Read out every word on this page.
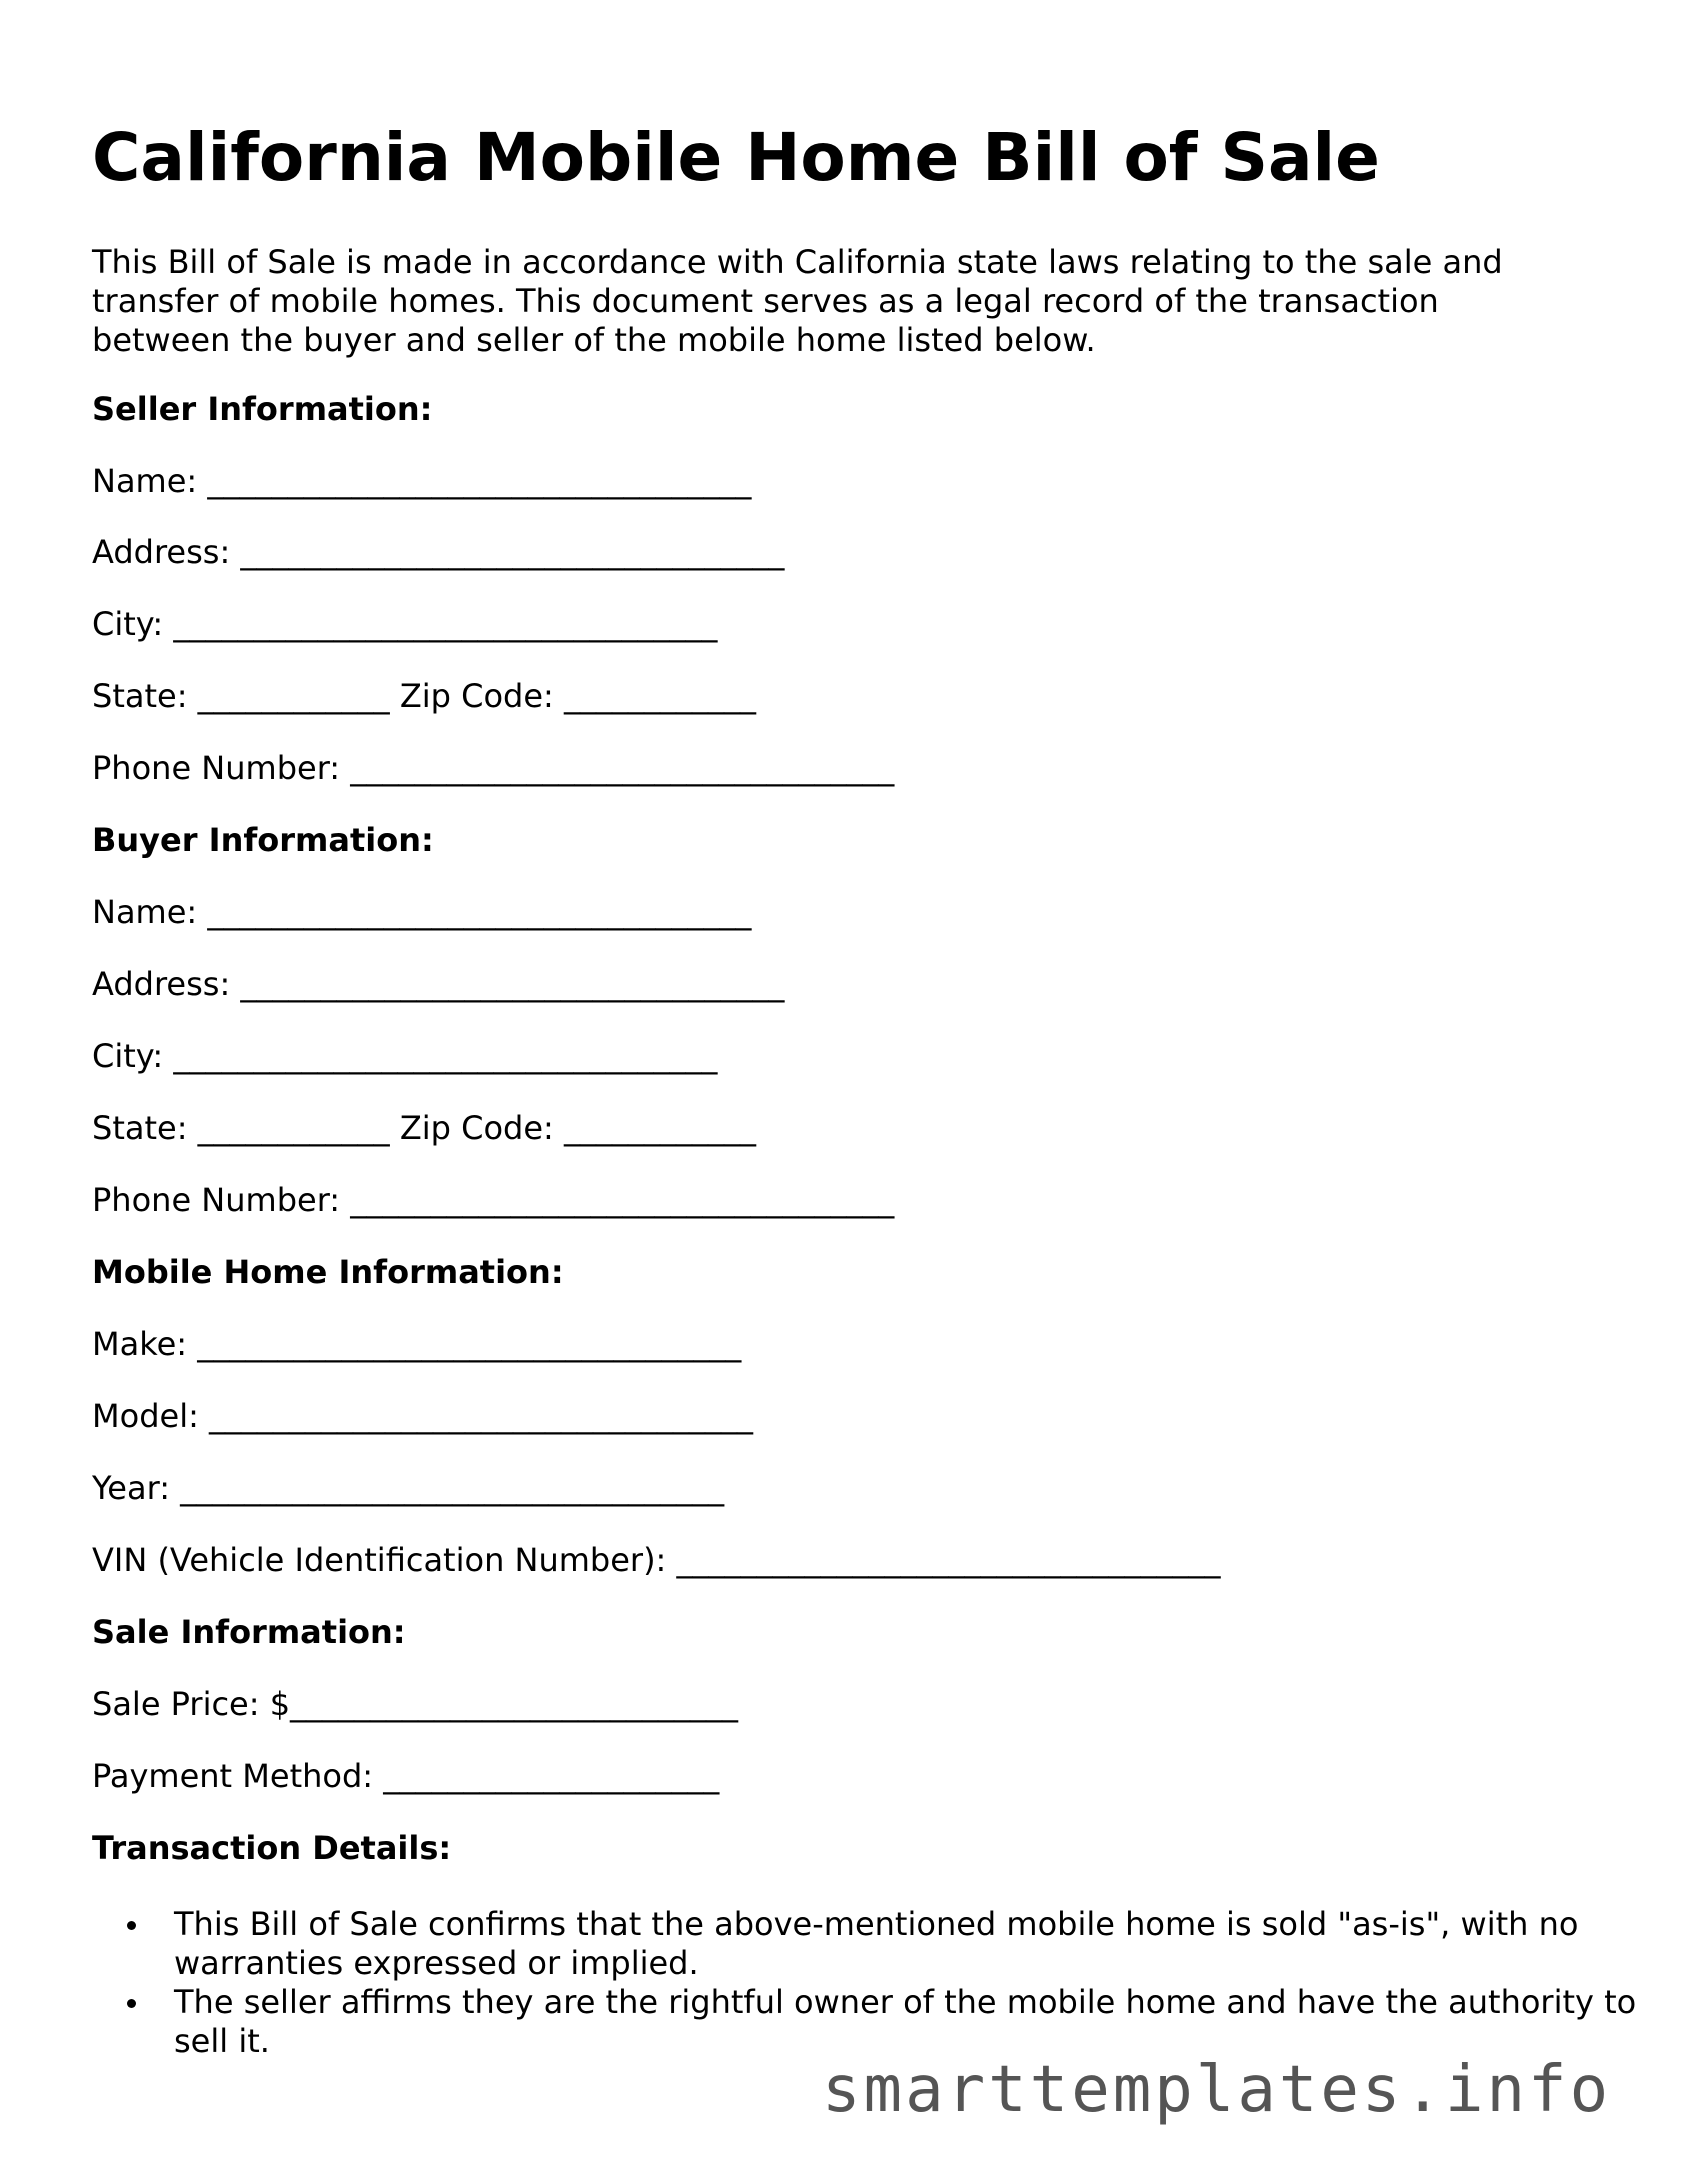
California Mobile Home Bill of Sale

This Bill of Sale is made in accordance with California state laws relating to the sale and transfer of mobile homes. This document serves as a legal record of the transaction between the buyer and seller of the mobile home listed below.

Seller Information:

Name: __________________________________

Address: __________________________________

City: __________________________________

State: ____________ Zip Code: ____________

Phone Number: __________________________________

Buyer Information:

Name: __________________________________

Address: __________________________________

City: __________________________________

State: ____________ Zip Code: ____________

Phone Number: __________________________________

Mobile Home Information:

Make: __________________________________

Model: __________________________________

Year: __________________________________

VIN (Vehicle Identification Number): __________________________________

Sale Information:

Sale Price: $____________________________

Payment Method: _____________________

Transaction Details:

This Bill of Sale confirms that the above-mentioned mobile home is sold "as-is", with no warranties expressed or implied.
The seller affirms they are the rightful owner of the mobile home and have the authority to sell it.
smarttemplates.info
